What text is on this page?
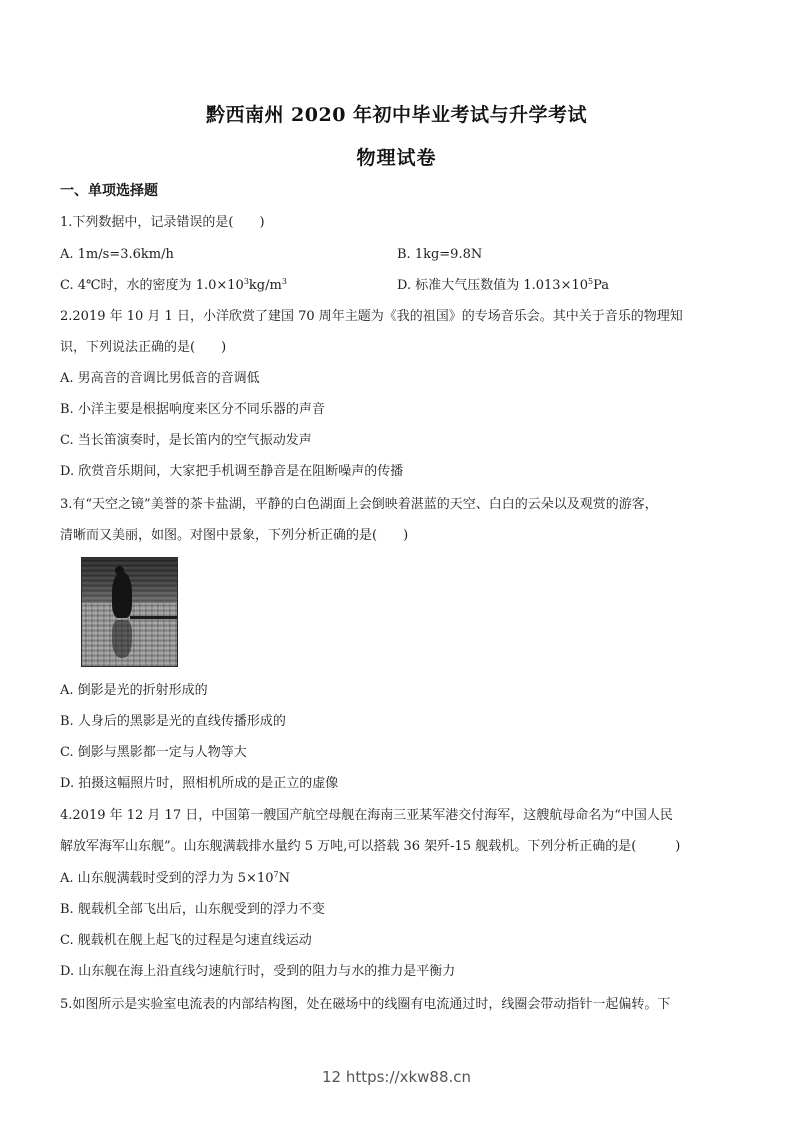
黔西南州 2020 年初中毕业考试与升学考试
物理试卷
一、单项选择题
1.下列数据中，记录错误的是(　　)
A. 1m/s=3.6km/h	B. 1kg=9.8N
C. 4℃时，水的密度为 $1.0\times 10^3kg/m^3$	D. 标准大气压数值为 $1.013\times 10^5Pa$
2.2019 年 10 月 1 日，小洋欣赏了建国 70 周年主题为《我的祖国》的专场音乐会。其中关于音乐的物理知
识，下列说法正确的是(　　)
A. 男高音的音调比男低音的音调低
B. 小洋主要是根据响度来区分不同乐器的声音
C. 当长笛演奏时，是长笛内的空气振动发声
D. 欣赏音乐期间，大家把手机调至静音是在阻断噪声的传播
3.有“天空之镜”美誉的茶卡盐湖，平静的白色湖面上会倒映着湛蓝的天空、白白的云朵以及观赏的游客，
清晰而又美丽，如图。对图中景象，下列分析正确的是(　　)
A. 倒影是光的折射形成的
B. 人身后的黑影是光的直线传播形成的
C. 倒影与黑影都一定与人物等大
D. 拍摄这幅照片时，照相机所成的是正立的虚像
4.2019 年 12 月 17 日，中国第一艘国产航空母舰在海南三亚某军港交付海军，这艘航母命名为“中国人民
解放军海军山东舰”。山东舰满载排水量约 5 万吨,可以搭载 36 架歼-15 舰载机。下列分析正确的是(　　　)
A. 山东舰满载时受到的浮力为 $5\times 10^7N$
B. 舰载机全部飞出后，山东舰受到的浮力不变
C. 舰载机在舰上起飞的过程是匀速直线运动
D. 山东舰在海上沿直线匀速航行时，受到的阻力与水的推力是平衡力
5.如图所示是实验室电流表的内部结构图，处在磁场中的线圈有电流通过时，线圈会带动指针一起偏转。下
12 https://xkw88.cn
